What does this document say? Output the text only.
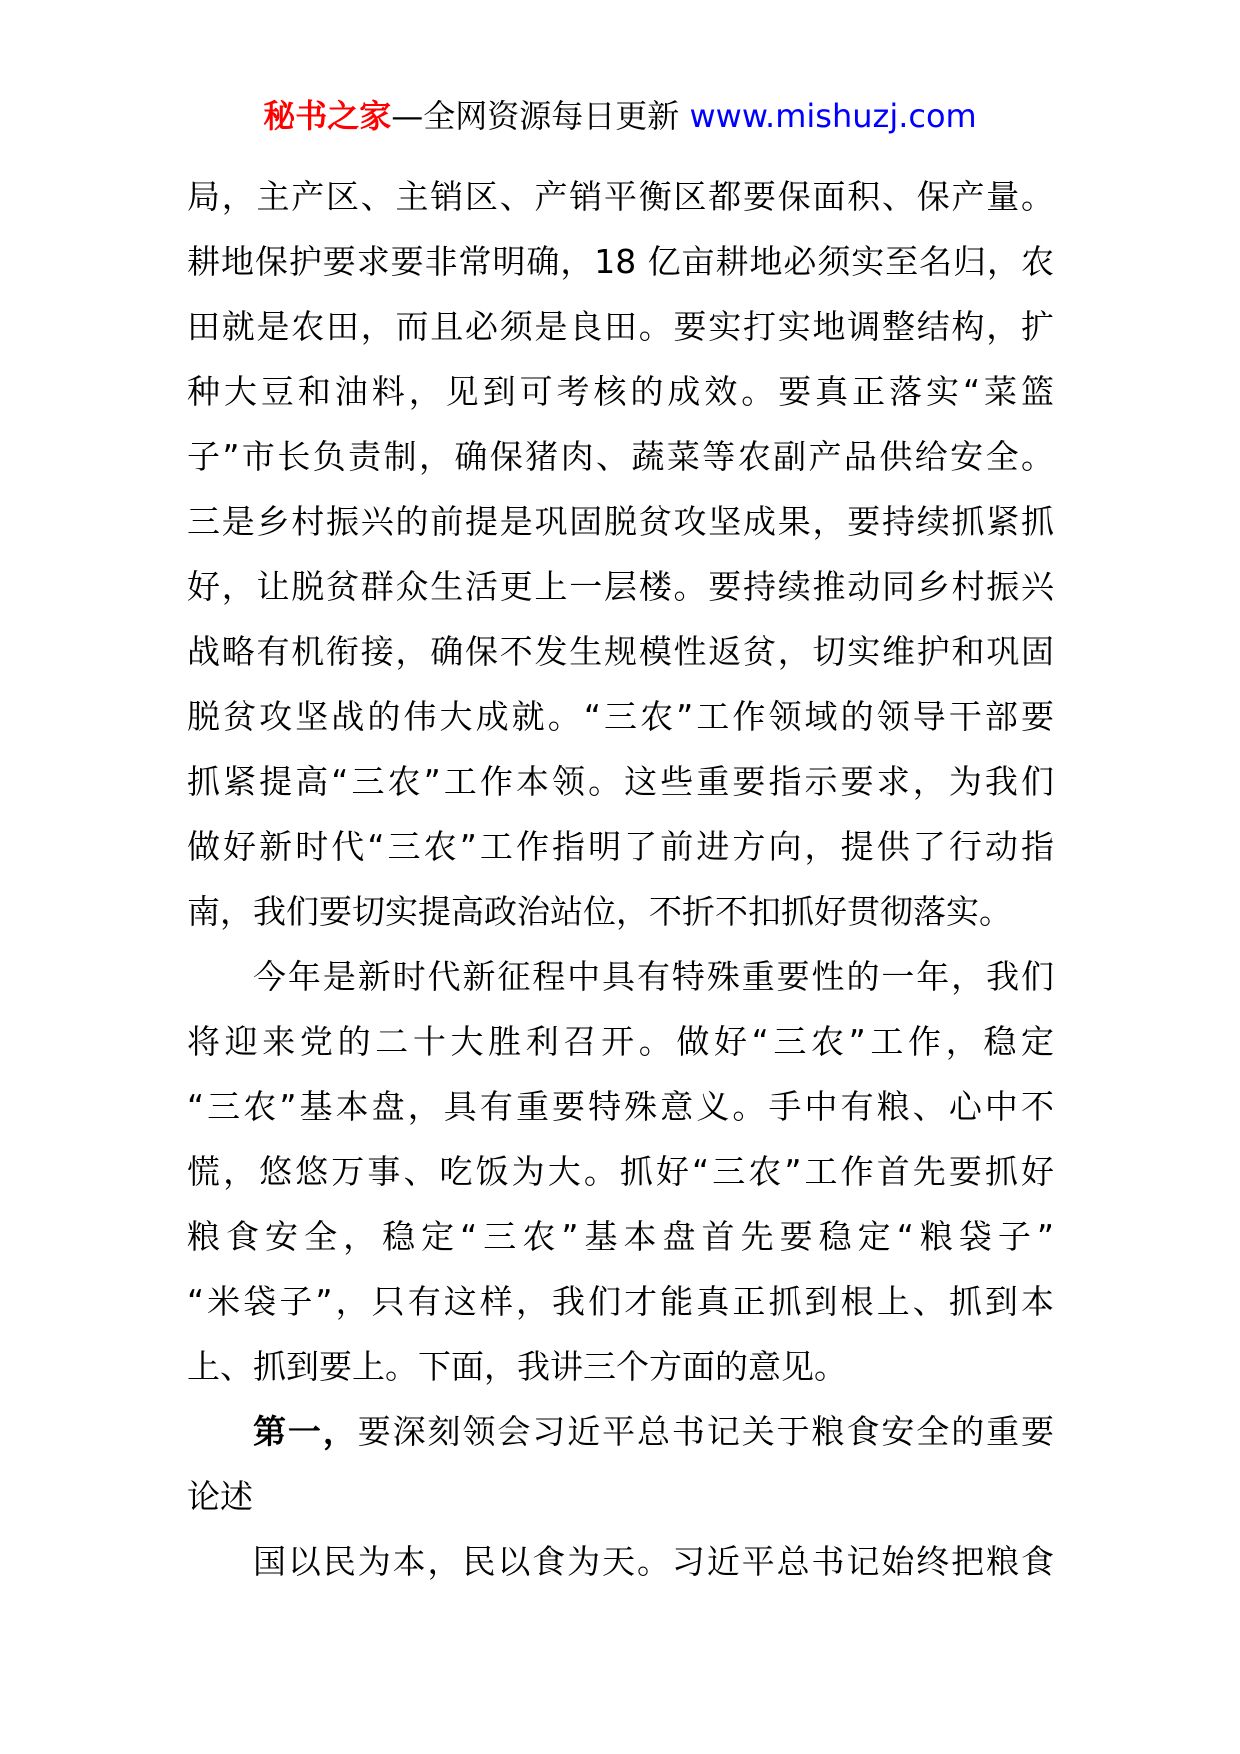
秘书之家—全网资源每日更新 www.mishuzj.com
局，主产区、主销区、产销平衡区都要保面积、保产量。
耕地保护要求要非常明确，18 亿亩耕地必须实至名归，农
田就是农田，而且必须是良田。要实打实地调整结构，扩
种大豆和油料，见到可考核的成效。要真正落实“菜篮
子”市长负责制，确保猪肉、蔬菜等农副产品供给安全。
三是乡村振兴的前提是巩固脱贫攻坚成果，要持续抓紧抓
好，让脱贫群众生活更上一层楼。要持续推动同乡村振兴
战略有机衔接，确保不发生规模性返贫，切实维护和巩固
脱贫攻坚战的伟大成就。“三农”工作领域的领导干部要
抓紧提高“三农”工作本领。这些重要指示要求，为我们
做好新时代“三农”工作指明了前进方向，提供了行动指
南，我们要切实提高政治站位，不折不扣抓好贯彻落实。
今年是新时代新征程中具有特殊重要性的一年，我们
将迎来党的二十大胜利召开。做好“三农”工作，稳定
“三农”基本盘，具有重要特殊意义。手中有粮、心中不
慌，悠悠万事、吃饭为大。抓好“三农”工作首先要抓好
粮食安全，稳定“三农”基本盘首先要稳定“粮袋子”
“米袋子”，只有这样，我们才能真正抓到根上、抓到本
上、抓到要上。下面，我讲三个方面的意见。
第一，要深刻领会习近平总书记关于粮食安全的重要
论述
国以民为本，民以食为天。习近平总书记始终把粮食
